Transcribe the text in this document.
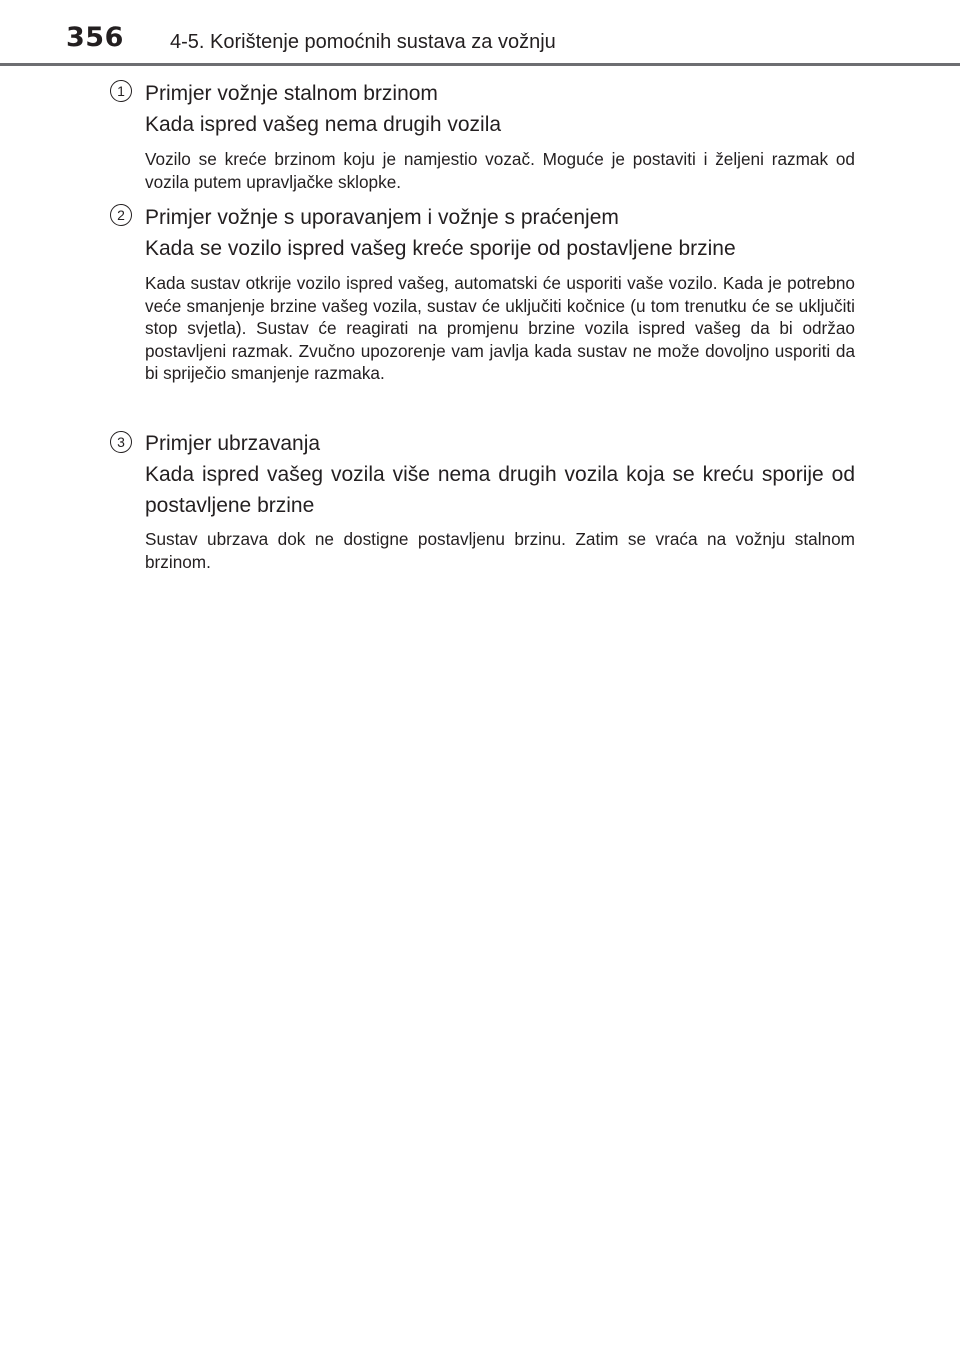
356 4-5. Korištenje pomoćnih sustava za vožnju
1 Primjer vožnje stalnom brzinom
Kada ispred vašeg nema drugih vozila
Vozilo se kreće brzinom koju je namjestio vozač. Moguće je postaviti i željeni razmak od vozila putem upravljačke sklopke.
2 Primjer vožnje s uporavanjem i vožnje s praćenjem
Kada se vozilo ispred vašeg kreće sporije od postavljene brzine
Kada sustav otkrije vozilo ispred vašeg, automatski će usporiti vaše vozilo. Kada je potrebno veće smanjenje brzine vašeg vozila, sustav će uključiti kočnice (u tom trenutku će se uključiti stop svjetla). Sustav će reagirati na promjenu brzine vozila ispred vašeg da bi održao postavljeni razmak. Zvučno upozorenje vam javlja kada sustav ne može dovoljno usporiti da bi spriječio smanjenje razmaka.
3 Primjer ubrzavanja
Kada ispred vašeg vozila više nema drugih vozila koja se kreću sporije od postavljene brzine
Sustav ubrzava dok ne dostigne postavljenu brzinu. Zatim se vraća na vožnju stalnom brzinom.
